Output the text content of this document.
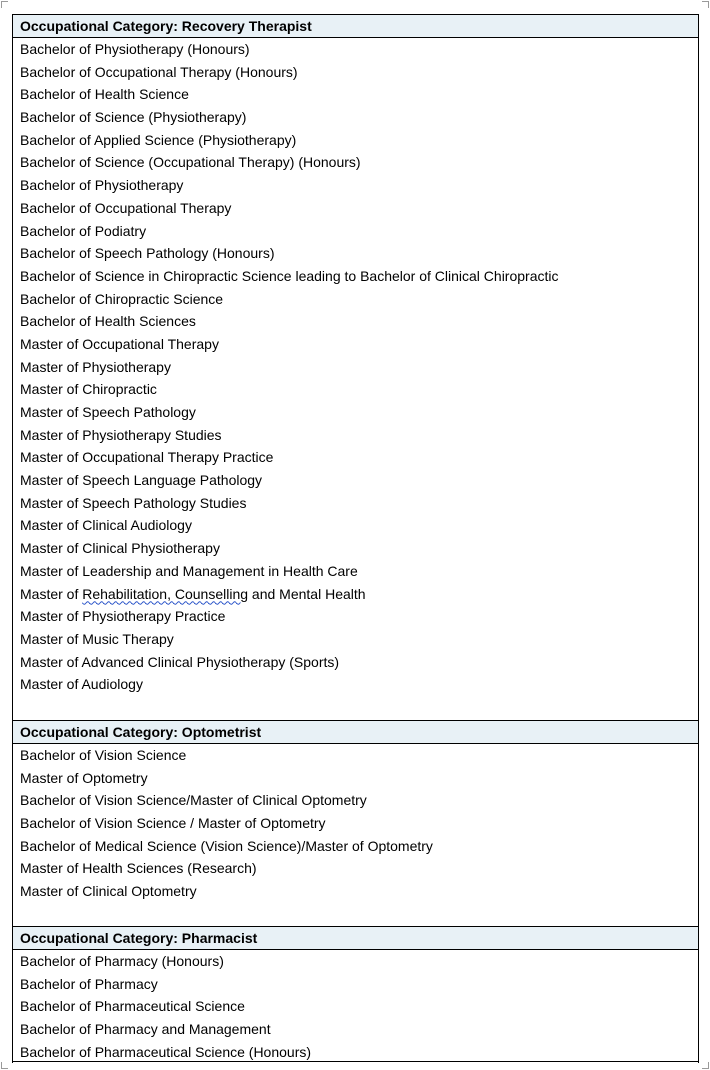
Occupational Category: Recovery Therapist
Bachelor of Physiotherapy (Honours)
Bachelor of Occupational Therapy (Honours)
Bachelor of Health Science
Bachelor of Science (Physiotherapy)
Bachelor of Applied Science (Physiotherapy)
Bachelor of Science (Occupational Therapy) (Honours)
Bachelor of Physiotherapy
Bachelor of Occupational Therapy
Bachelor of Podiatry
Bachelor of Speech Pathology (Honours)
Bachelor of Science in Chiropractic Science leading to Bachelor of Clinical Chiropractic
Bachelor of Chiropractic Science
Bachelor of Health Sciences
Master of Occupational Therapy
Master of Physiotherapy
Master of Chiropractic
Master of Speech Pathology
Master of Physiotherapy Studies
Master of Occupational Therapy Practice
Master of Speech Language Pathology
Master of Speech Pathology Studies
Master of Clinical Audiology
Master of Clinical Physiotherapy
Master of Leadership and Management in Health Care
Master of Rehabilitation, Counselling and Mental Health
Master of Physiotherapy Practice
Master of Music Therapy
Master of Advanced Clinical Physiotherapy (Sports)
Master of Audiology
Occupational Category: Optometrist
Bachelor of Vision Science
Master of Optometry
Bachelor of Vision Science/Master of Clinical Optometry
Bachelor of Vision Science / Master of Optometry
Bachelor of Medical Science (Vision Science)/Master of Optometry
Master of Health Sciences (Research)
Master of Clinical Optometry
Occupational Category: Pharmacist
Bachelor of Pharmacy (Honours)
Bachelor of Pharmacy
Bachelor of Pharmaceutical Science
Bachelor of Pharmacy and Management
Bachelor of Pharmaceutical Science (Honours)
